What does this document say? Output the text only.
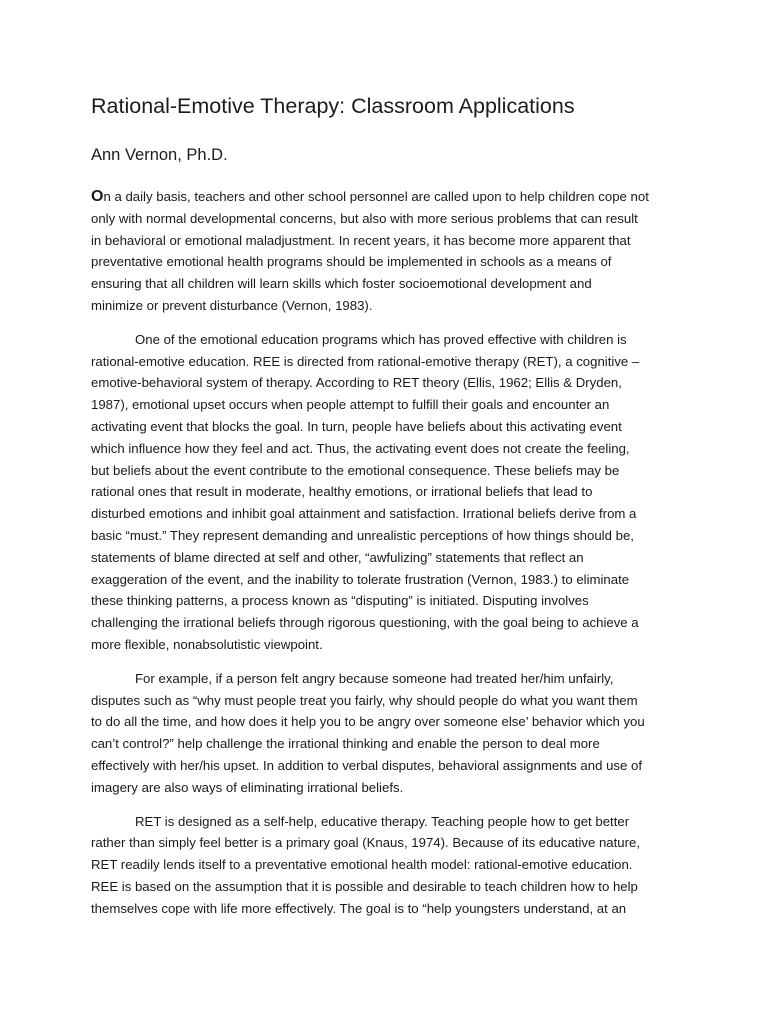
Rational-Emotive Therapy: Classroom Applications
Ann Vernon, Ph.D.

On a daily basis, teachers and other school personnel are called upon to help children cope not
only with normal developmental concerns, but also with more serious problems that can result
in behavioral or emotional maladjustment. In recent years, it has become more apparent that
preventative emotional health programs should be implemented in schools as a means of
ensuring that all children will learn skills which foster socioemotional development and
minimize or prevent disturbance (Vernon, 1983).

One of the emotional education programs which has proved effective with children is
rational-emotive education. REE is directed from rational-emotive therapy (RET), a cognitive –
emotive-behavioral system of therapy. According to RET theory (Ellis, 1962; Ellis & Dryden,
1987), emotional upset occurs when people attempt to fulfill their goals and encounter an
activating event that blocks the goal. In turn, people have beliefs about this activating event
which influence how they feel and act. Thus, the activating event does not create the feeling,
but beliefs about the event contribute to the emotional consequence. These beliefs may be
rational ones that result in moderate, healthy emotions, or irrational beliefs that lead to
disturbed emotions and inhibit goal attainment and satisfaction. Irrational beliefs derive from a
basic “must.” They represent demanding and unrealistic perceptions of how things should be,
statements of blame directed at self and other, “awfulizing” statements that reflect an
exaggeration of the event, and the inability to tolerate frustration (Vernon, 1983.) to eliminate
these thinking patterns, a process known as “disputing” is initiated. Disputing involves
challenging the irrational beliefs through rigorous questioning, with the goal being to achieve a
more flexible, nonabsolutistic viewpoint.

For example, if a person felt angry because someone had treated her/him unfairly,
disputes such as “why must people treat you fairly, why should people do what you want them
to do all the time, and how does it help you to be angry over someone else’ behavior which you
can’t control?” help challenge the irrational thinking and enable the person to deal more
effectively with her/his upset. In addition to verbal disputes, behavioral assignments and use of
imagery are also ways of eliminating irrational beliefs.

RET is designed as a self-help, educative therapy. Teaching people how to get better
rather than simply feel better is a primary goal (Knaus, 1974). Because of its educative nature,
RET readily lends itself to a preventative emotional health model: rational-emotive education.
REE is based on the assumption that it is possible and desirable to teach children how to help
themselves cope with life more effectively. The goal is to “help youngsters understand, at an
